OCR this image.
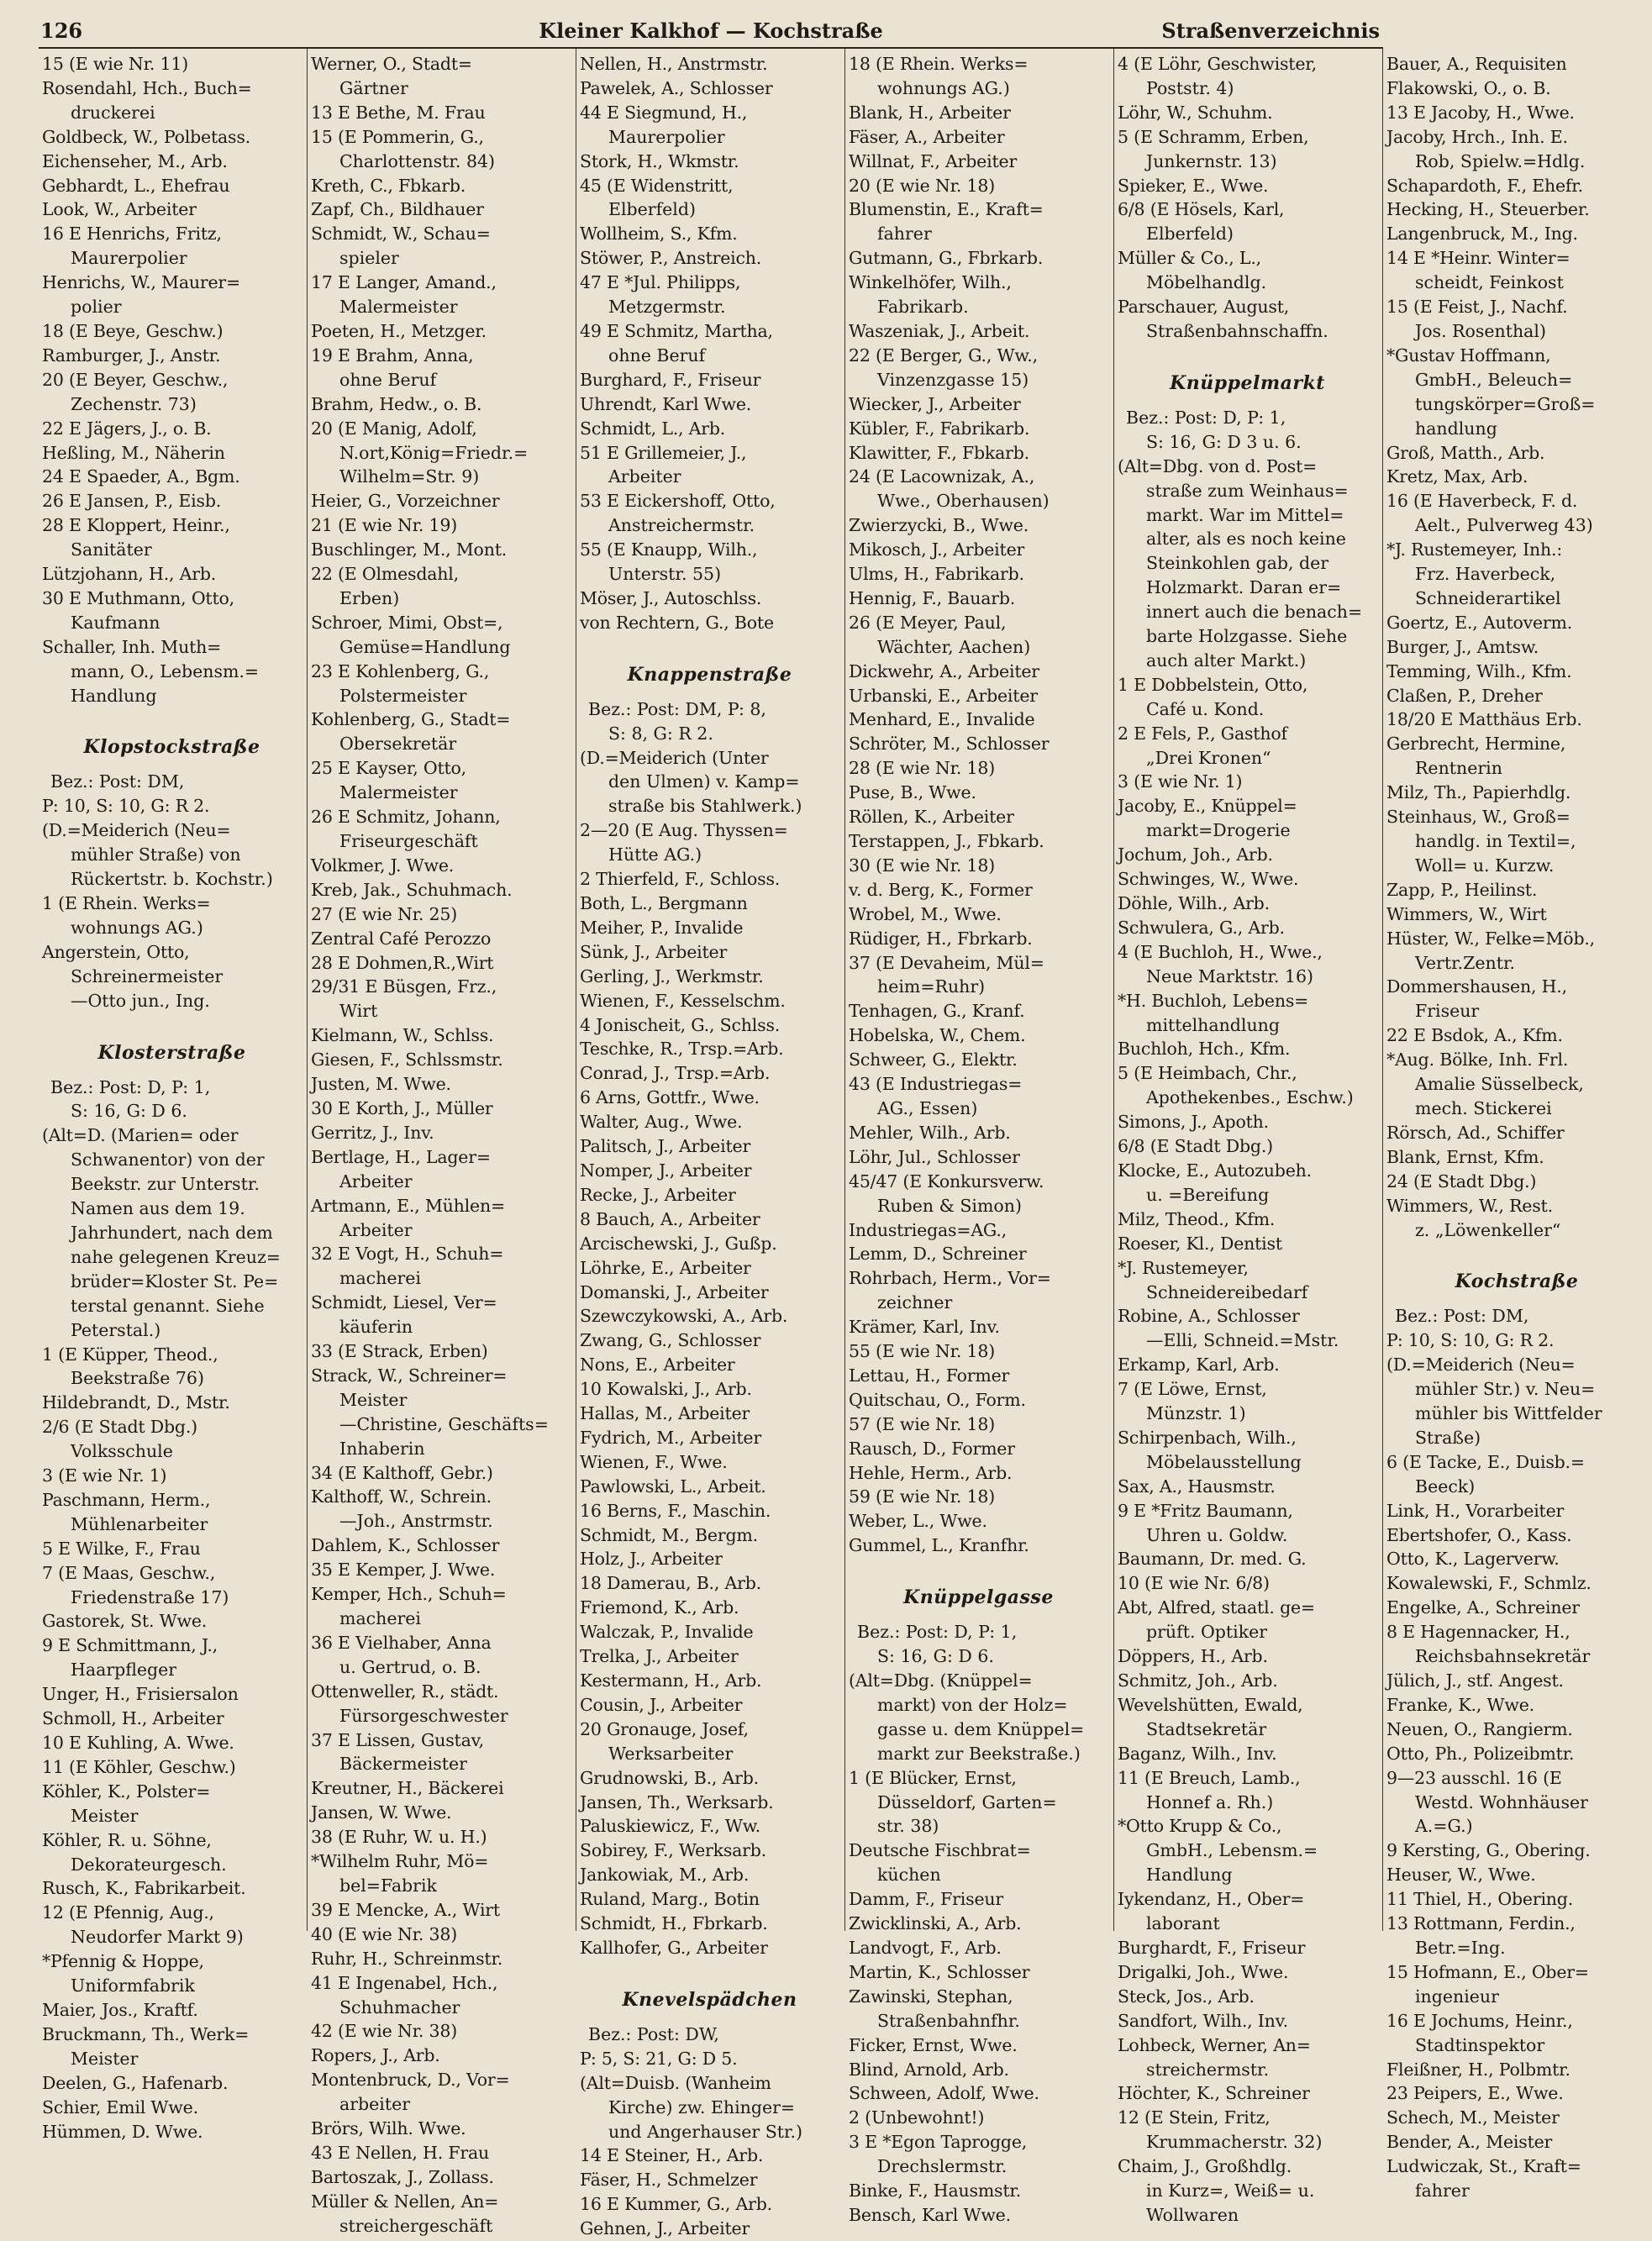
126	Kleiner Kalkhof — Kochstraße	Straßenverzeichnis
15 (E wie Nr. 11)
Rosendahl, Hch., Buch=
druckerei
Goldbeck, W., Polbetass.
Eichenseher, M., Arb.
Gebhardt, L., Ehefrau
Look, W., Arbeiter
16 E Henrichs, Fritz,
Maurerpolier
Henrichs, W., Maurer=
polier
18 (E Beye, Geschw.)
Ramburger, J., Anstr.
20 (E Beyer, Geschw.,
Zechenstr. 73)
22 E Jägers, J., o. B.
Heßling, M., Näherin
24 E Spaeder, A., Bgm.
26 E Jansen, P., Eisb.
28 E Kloppert, Heinr.,
Sanitäter
Lützjohann, H., Arb.
30 E Muthmann, Otto,
Kaufmann
Schaller, Inh. Muth=
mann, O., Lebensm.=
Handlung
Klopstockstraße
Bez.: Post: DM,
P: 10, S: 10, G: R 2.
(D.=Meiderich (Neu=
mühler Straße) von
Rückertstr. b. Kochstr.)
1 (E Rhein. Werks=
wohnungs AG.)
Angerstein, Otto,
Schreinermeister
—Otto jun., Ing.
Klosterstraße
Bez.: Post: D, P: 1,
S: 16, G: D 6.
(Alt=D. (Marien= oder
Schwanentor) von der
Beekstr. zur Unterstr.
Namen aus dem 19.
Jahrhundert, nach dem
nahe gelegenen Kreuz=
brüder=Kloster St. Pe=
terstal genannt. Siehe
Peterstal.)
1 (E Küpper, Theod.,
Beekstraße 76)
Hildebrandt, D., Mstr.
2/6 (E Stadt Dbg.)
Volksschule
3 (E wie Nr. 1)
Paschmann, Herm.,
Mühlenarbeiter
5 E Wilke, F., Frau
7 (E Maas, Geschw.,
Friedenstraße 17)
Gastorek, St. Wwe.
9 E Schmittmann, J.,
Haarpfleger
Unger, H., Frisiersalon
Schmoll, H., Arbeiter
10 E Kuhling, A. Wwe.
11 (E Köhler, Geschw.)
Köhler, K., Polster=
Meister
Köhler, R. u. Söhne,
Dekorateurgesch.
Rusch, K., Fabrikarbeit.
12 (E Pfennig, Aug.,
Neudorfer Markt 9)
*Pfennig & Hoppe,
Uniformfabrik
Maier, Jos., Kraftf.
Bruckmann, Th., Werk=
Meister
Deelen, G., Hafenarb.
Schier, Emil Wwe.
Hümmen, D. Wwe.
Werner, O., Stadt=
Gärtner
13 E Bethe, M. Frau
15 (E Pommerin, G.,
Charlottenstr. 84)
Kreth, C., Fbkarb.
Zapf, Ch., Bildhauer
Schmidt, W., Schau=
spieler
17 E Langer, Amand.,
Malermeister
Poeten, H., Metzger.
19 E Brahm, Anna,
ohne Beruf
Brahm, Hedw., o. B.
20 (E Manig, Adolf,
N.ort,König=Friedr.=
Wilhelm=Str. 9)
Heier, G., Vorzeichner
21 (E wie Nr. 19)
Buschlinger, M., Mont.
22 (E Olmesdahl,
Erben)
Schroer, Mimi, Obst=,
Gemüse=Handlung
23 E Kohlenberg, G.,
Polstermeister
Kohlenberg, G., Stadt=
Obersekretär
25 E Kayser, Otto,
Malermeister
26 E Schmitz, Johann,
Friseurgeschäft
Volkmer, J. Wwe.
Kreb, Jak., Schuhmach.
27 (E wie Nr. 25)
Zentral Café Perozzo
28 E Dohmen,R.,Wirt
29/31 E Büsgen, Frz.,
Wirt
Kielmann, W., Schlss.
Giesen, F., Schlssmstr.
Justen, M. Wwe.
30 E Korth, J., Müller
Gerritz, J., Inv.
Bertlage, H., Lager=
Arbeiter
Artmann, E., Mühlen=
Arbeiter
32 E Vogt, H., Schuh=
macherei
Schmidt, Liesel, Ver=
käuferin
33 (E Strack, Erben)
Strack, W., Schreiner=
Meister
—Christine, Geschäfts=
Inhaberin
34 (E Kalthoff, Gebr.)
Kalthoff, W., Schrein.
—Joh., Anstrmstr.
Dahlem, K., Schlosser
35 E Kemper, J. Wwe.
Kemper, Hch., Schuh=
macherei
36 E Vielhaber, Anna
u. Gertrud, o. B.
Ottenweller, R., städt.
Fürsorgeschwester
37 E Lissen, Gustav,
Bäckermeister
Kreutner, H., Bäckerei
Jansen, W. Wwe.
38 (E Ruhr, W. u. H.)
*Wilhelm Ruhr, Mö=
bel=Fabrik
39 E Mencke, A., Wirt
40 (E wie Nr. 38)
Ruhr, H., Schreinmstr.
41 E Ingenabel, Hch.,
Schuhmacher
42 (E wie Nr. 38)
Ropers, J., Arb.
Montenbruck, D., Vor=
arbeiter
Brörs, Wilh. Wwe.
43 E Nellen, H. Frau
Bartoszak, J., Zollass.
Müller & Nellen, An=
streichergeschäft
Nellen, H., Anstrmstr.
Pawelek, A., Schlosser
44 E Siegmund, H.,
Maurerpolier
Stork, H., Wkmstr.
45 (E Widenstritt,
Elberfeld)
Wollheim, S., Kfm.
Stöwer, P., Anstreich.
47 E *Jul. Philipps,
Metzgermstr.
49 E Schmitz, Martha,
ohne Beruf
Burghard, F., Friseur
Uhrendt, Karl Wwe.
Schmidt, L., Arb.
51 E Grillemeier, J.,
Arbeiter
53 E Eickershoff, Otto,
Anstreichermstr.
55 (E Knaupp, Wilh.,
Unterstr. 55)
Möser, J., Autoschlss.
von Rechtern, G., Bote
Knappenstraße
Bez.: Post: DM, P: 8,
S: 8, G: R 2.
(D.=Meiderich (Unter
den Ulmen) v. Kamp=
straße bis Stahlwerk.)
2—20 (E Aug. Thyssen=
Hütte AG.)
2 Thierfeld, F., Schloss.
Both, L., Bergmann
Meiher, P., Invalide
Sünk, J., Arbeiter
Gerling, J., Werkmstr.
Wienen, F., Kesselschm.
4 Jonischeit, G., Schlss.
Teschke, R., Trsp.=Arb.
Conrad, J., Trsp.=Arb.
6 Arns, Gottfr., Wwe.
Walter, Aug., Wwe.
Palitsch, J., Arbeiter
Nomper, J., Arbeiter
Recke, J., Arbeiter
8 Bauch, A., Arbeiter
Arcischewski, J., Gußp.
Löhrke, E., Arbeiter
Domanski, J., Arbeiter
Szewczykowski, A., Arb.
Zwang, G., Schlosser
Nons, E., Arbeiter
10 Kowalski, J., Arb.
Hallas, M., Arbeiter
Fydrich, M., Arbeiter
Wienen, F., Wwe.
Pawlowski, L., Arbeit.
16 Berns, F., Maschin.
Schmidt, M., Bergm.
Holz, J., Arbeiter
18 Damerau, B., Arb.
Friemond, K., Arb.
Walczak, P., Invalide
Trelka, J., Arbeiter
Kestermann, H., Arb.
Cousin, J., Arbeiter
20 Gronauge, Josef,
Werksarbeiter
Grudnowski, B., Arb.
Jansen, Th., Werksarb.
Paluskiewicz, F., Ww.
Sobirey, F., Werksarb.
Jankowiak, M., Arb.
Ruland, Marg., Botin
Schmidt, H., Fbrkarb.
Kallhofer, G., Arbeiter
Knevelspädchen
Bez.: Post: DW,
P: 5, S: 21, G: D 5.
(Alt=Duisb. (Wanheim
Kirche) zw. Ehinger=
und Angerhauser Str.)
14 E Steiner, H., Arb.
Fäser, H., Schmelzer
16 E Kummer, G., Arb.
Gehnen, J., Arbeiter
18 (E Rhein. Werks=
wohnungs AG.)
Blank, H., Arbeiter
Fäser, A., Arbeiter
Willnat, F., Arbeiter
20 (E wie Nr. 18)
Blumenstin, E., Kraft=
fahrer
Gutmann, G., Fbrkarb.
Winkelhöfer, Wilh.,
Fabrikarb.
Waszeniak, J., Arbeit.
22 (E Berger, G., Ww.,
Vinzenzgasse 15)
Wiecker, J., Arbeiter
Kübler, F., Fabrikarb.
Klawitter, F., Fbkarb.
24 (E Lacownizak, A.,
Wwe., Oberhausen)
Zwierzycki, B., Wwe.
Mikosch, J., Arbeiter
Ulms, H., Fabrikarb.
Hennig, F., Bauarb.
26 (E Meyer, Paul,
Wächter, Aachen)
Dickwehr, A., Arbeiter
Urbanski, E., Arbeiter
Menhard, E., Invalide
Schröter, M., Schlosser
28 (E wie Nr. 18)
Puse, B., Wwe.
Röllen, K., Arbeiter
Terstappen, J., Fbkarb.
30 (E wie Nr. 18)
v. d. Berg, K., Former
Wrobel, M., Wwe.
Rüdiger, H., Fbrkarb.
37 (E Devaheim, Mül=
heim=Ruhr)
Tenhagen, G., Kranf.
Hobelska, W., Chem.
Schweer, G., Elektr.
43 (E Industriegas=
AG., Essen)
Mehler, Wilh., Arb.
Löhr, Jul., Schlosser
45/47 (E Konkursverw.
Ruben & Simon)
Industriegas=AG.,
Lemm, D., Schreiner
Rohrbach, Herm., Vor=
zeichner
Krämer, Karl, Inv.
55 (E wie Nr. 18)
Lettau, H., Former
Quitschau, O., Form.
57 (E wie Nr. 18)
Rausch, D., Former
Hehle, Herm., Arb.
59 (E wie Nr. 18)
Weber, L., Wwe.
Gummel, L., Kranfhr.
Knüppelgasse
Bez.: Post: D, P: 1,
S: 16, G: D 6.
(Alt=Dbg. (Knüppel=
markt) von der Holz=
gasse u. dem Knüppel=
markt zur Beekstraße.)
1 (E Blücker, Ernst,
Düsseldorf, Garten=
str. 38)
Deutsche Fischbrat=
küchen
Damm, F., Friseur
Zwicklinski, A., Arb.
Landvogt, F., Arb.
Martin, K., Schlosser
Zawinski, Stephan,
Straßenbahnfhr.
Ficker, Ernst, Wwe.
Blind, Arnold, Arb.
Schween, Adolf, Wwe.
2 (Unbewohnt!)
3 E *Egon Taprogge,
Drechslermstr.
Binke, F., Hausmstr.
Bensch, Karl Wwe.
4 (E Löhr, Geschwister,
Poststr. 4)
Löhr, W., Schuhm.
5 (E Schramm, Erben,
Junkernstr. 13)
Spieker, E., Wwe.
6/8 (E Hösels, Karl,
Elberfeld)
Müller & Co., L.,
Möbelhandlg.
Parschauer, August,
Straßenbahnschaffn.
Knüppelmarkt
Bez.: Post: D, P: 1,
S: 16, G: D 3 u. 6.
(Alt=Dbg. von d. Post=
straße zum Weinhaus=
markt. War im Mittel=
alter, als es noch keine
Steinkohlen gab, der
Holzmarkt. Daran er=
innert auch die benach=
barte Holzgasse. Siehe
auch alter Markt.)
1 E Dobbelstein, Otto,
Café u. Kond.
2 E Fels, P., Gasthof
„Drei Kronen“
3 (E wie Nr. 1)
Jacoby, E., Knüppel=
markt=Drogerie
Jochum, Joh., Arb.
Schwinges, W., Wwe.
Döhle, Wilh., Arb.
Schwulera, G., Arb.
4 (E Buchloh, H., Wwe.,
Neue Marktstr. 16)
*H. Buchloh, Lebens=
mittelhandlung
Buchloh, Hch., Kfm.
5 (E Heimbach, Chr.,
Apothekenbes., Eschw.)
Simons, J., Apoth.
6/8 (E Stadt Dbg.)
Klocke, E., Autozubeh.
u. =Bereifung
Milz, Theod., Kfm.
Roeser, Kl., Dentist
*J. Rustemeyer,
Schneidereibedarf
Robine, A., Schlosser
—Elli, Schneid.=Mstr.
Erkamp, Karl, Arb.
7 (E Löwe, Ernst,
Münzstr. 1)
Schirpenbach, Wilh.,
Möbelausstellung
Sax, A., Hausmstr.
9 E *Fritz Baumann,
Uhren u. Goldw.
Baumann, Dr. med. G.
10 (E wie Nr. 6/8)
Abt, Alfred, staatl. ge=
prüft. Optiker
Döppers, H., Arb.
Schmitz, Joh., Arb.
Wevelshütten, Ewald,
Stadtsekretär
Baganz, Wilh., Inv.
11 (E Breuch, Lamb.,
Honnef a. Rh.)
*Otto Krupp & Co.,
GmbH., Lebensm.=
Handlung
Iykendanz, H., Ober=
laborant
Burghardt, F., Friseur
Drigalki, Joh., Wwe.
Steck, Jos., Arb.
Sandfort, Wilh., Inv.
Lohbeck, Werner, An=
streichermstr.
Höchter, K., Schreiner
12 (E Stein, Fritz,
Krummacherstr. 32)
Chaim, J., Großhdlg.
in Kurz=, Weiß= u.
Wollwaren
Bauer, A., Requisiten
Flakowski, O., o. B.
13 E Jacoby, H., Wwe.
Jacoby, Hrch., Inh. E.
Rob, Spielw.=Hdlg.
Schapardoth, F., Ehefr.
Hecking, H., Steuerber.
Langenbruck, M., Ing.
14 E *Heinr. Winter=
scheidt, Feinkost
15 (E Feist, J., Nachf.
Jos. Rosenthal)
*Gustav Hoffmann,
GmbH., Beleuch=
tungskörper=Groß=
handlung
Groß, Matth., Arb.
Kretz, Max, Arb.
16 (E Haverbeck, F. d.
Aelt., Pulverweg 43)
*J. Rustemeyer, Inh.:
Frz. Haverbeck,
Schneiderartikel
Goertz, E., Autoverm.
Burger, J., Amtsw.
Temming, Wilh., Kfm.
Claßen, P., Dreher
18/20 E Matthäus Erb.
Gerbrecht, Hermine,
Rentnerin
Milz, Th., Papierhdlg.
Steinhaus, W., Groß=
handlg. in Textil=,
Woll= u. Kurzw.
Zapp, P., Heilinst.
Wimmers, W., Wirt
Hüster, W., Felke=Möb.,
Vertr.Zentr.
Dommershausen, H.,
Friseur
22 E Bsdok, A., Kfm.
*Aug. Bölke, Inh. Frl.
Amalie Süsselbeck,
mech. Stickerei
Rörsch, Ad., Schiffer
Blank, Ernst, Kfm.
24 (E Stadt Dbg.)
Wimmers, W., Rest.
z. „Löwenkeller“
Kochstraße
Bez.: Post: DM,
P: 10, S: 10, G: R 2.
(D.=Meiderich (Neu=
mühler Str.) v. Neu=
mühler bis Wittfelder
Straße)
6 (E Tacke, E., Duisb.=
Beeck)
Link, H., Vorarbeiter
Ebertshofer, O., Kass.
Otto, K., Lagerverw.
Kowalewski, F., Schmlz.
Engelke, A., Schreiner
8 E Hagennacker, H.,
Reichsbahnsekretär
Jülich, J., stf. Angest.
Franke, K., Wwe.
Neuen, O., Rangierm.
Otto, Ph., Polizeibmtr.
9—23 ausschl. 16 (E
Westd. Wohnhäuser
A.=G.)
9 Kersting, G., Obering.
Heuser, W., Wwe.
11 Thiel, H., Obering.
13 Rottmann, Ferdin.,
Betr.=Ing.
15 Hofmann, E., Ober=
ingenieur
16 E Jochums, Heinr.,
Stadtinspektor
Fleißner, H., Polbmtr.
23 Peipers, E., Wwe.
Schech, M., Meister
Bender, A., Meister
Ludwiczak, St., Kraft=
fahrer
